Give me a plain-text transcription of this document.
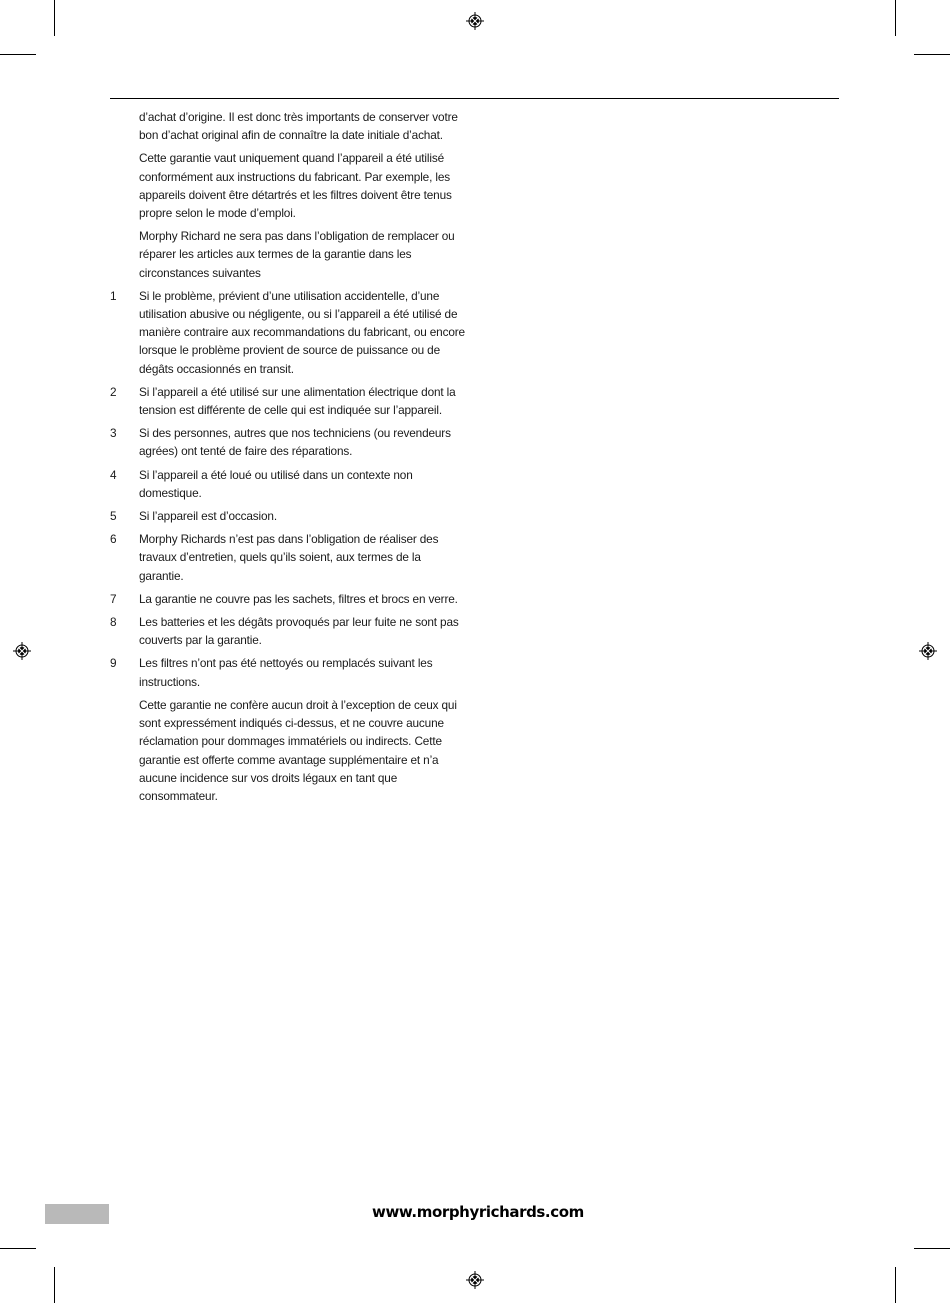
d’achat d’origine. Il est donc très importants de conserver votre bon d’achat original afin de connaître la date initiale d’achat.

Cette garantie vaut uniquement quand l’appareil a été utilisé conformément aux instructions du fabricant. Par exemple, les appareils doivent être détartrés et les filtres doivent être tenus propre selon le mode d’emploi.

Morphy Richard ne sera pas dans l’obligation de remplacer ou réparer les articles aux termes de la garantie dans les circonstances suivantes

1 Si le problème, prévient d’une utilisation accidentelle, d’une utilisation abusive ou négligente, ou si l’appareil a été utilisé de manière contraire aux recommandations du fabricant, ou encore lorsque le problème provient de source de puissance ou de dégâts occasionnés en transit.
2 Si l’appareil a été utilisé sur une alimentation électrique dont la tension est différente de celle qui est indiquée sur l’appareil.
3 Si des personnes, autres que nos techniciens (ou revendeurs agrées) ont tenté de faire des réparations.
4 Si l’appareil a été loué ou utilisé dans un contexte non domestique.
5 Si l’appareil est d’occasion.
6 Morphy Richards n’est pas dans l’obligation de réaliser des travaux d’entretien, quels qu’ils soient, aux termes de la garantie.
7 La garantie ne couvre pas les sachets, filtres et brocs en verre.
8 Les batteries et les dégâts provoqués par leur fuite ne sont pas couverts par la garantie.
9 Les filtres n’ont pas été nettoyés ou remplacés suivant les instructions.

Cette garantie ne confère aucun droit à l’exception de ceux qui sont expressément indiqués ci-dessus, et ne couvre aucune réclamation pour dommages immatériels ou indirects. Cette garantie est offerte comme avantage supplémentaire et n’a aucune incidence sur vos droits légaux en tant que consommateur.

www.morphyrichards.com
